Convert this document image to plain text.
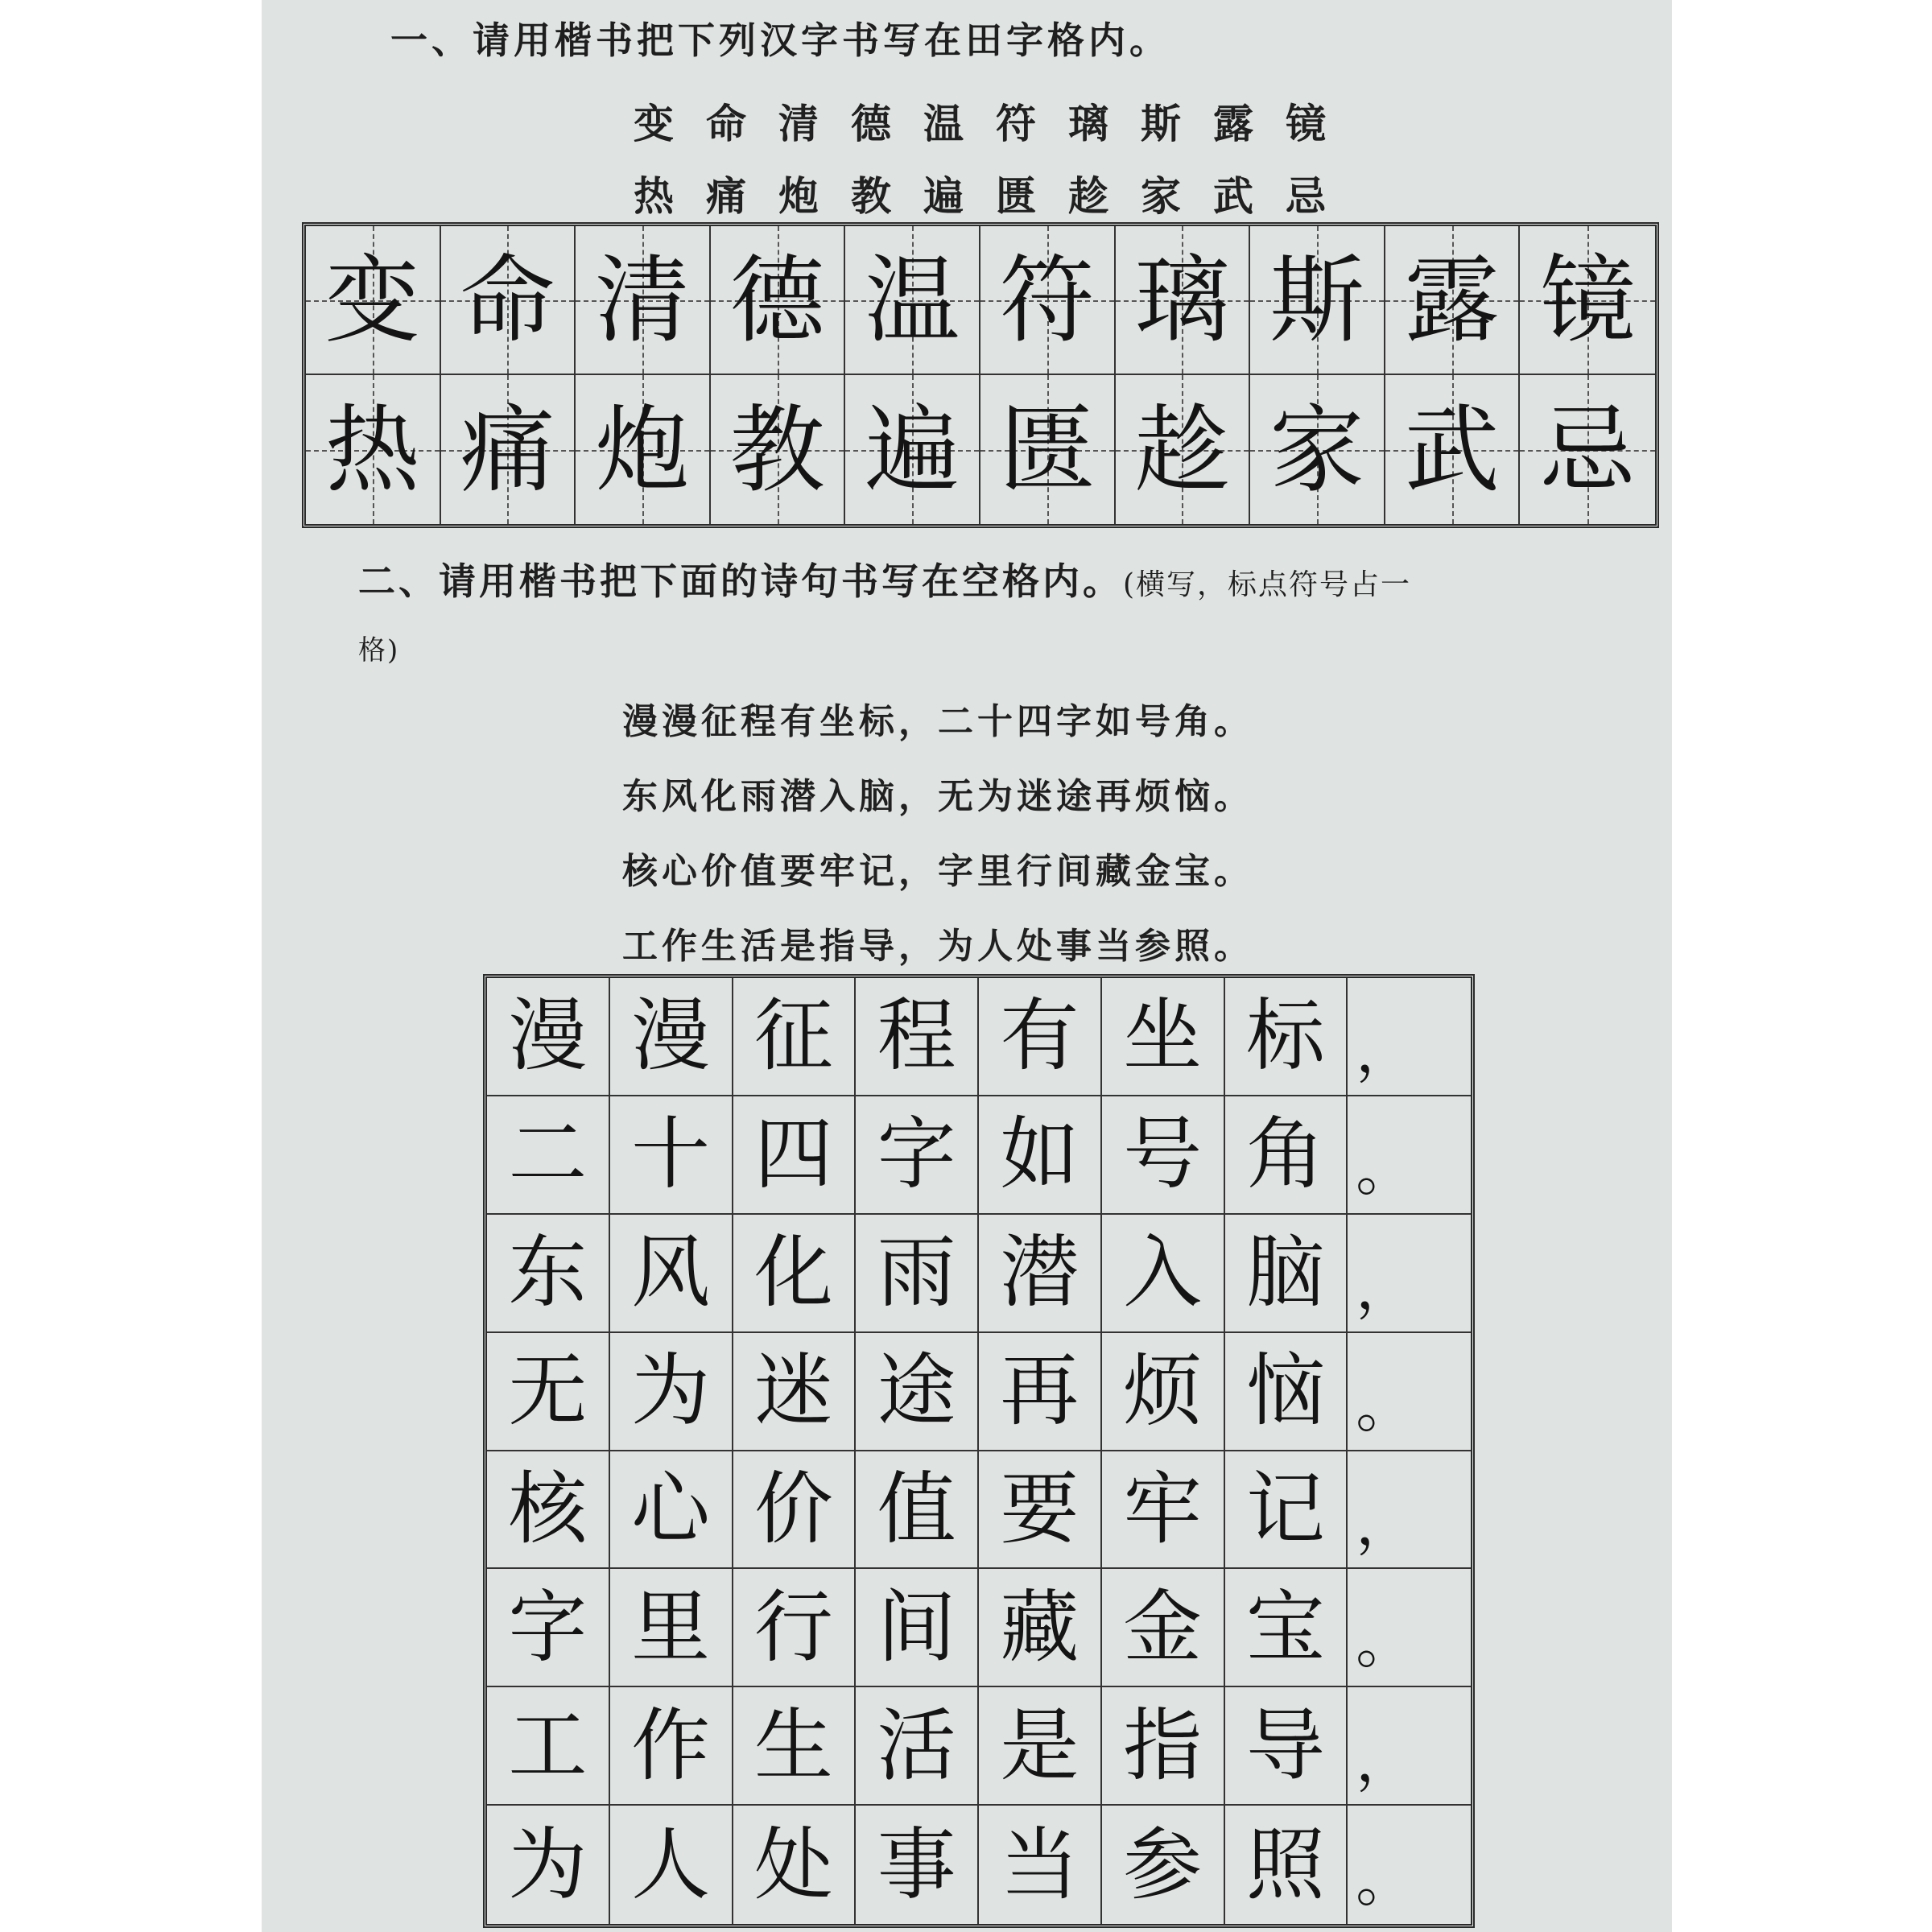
一、请用楷书把下列汉字书写在田字格内。
变命清德温符璃斯露镜
热痛炮教遍匮趁家武忌
变 命 清 德 温 符 璃 斯 露 镜
热 痛 炮 教 遍 匮 趁 家 武 忌
二、请用楷书把下面的诗句书写在空格内。(横写，标点符号占一
格)
漫漫征程有坐标，二十四字如号角。
东风化雨潜入脑，无为迷途再烦恼。
核心价值要牢记，字里行间藏金宝。
工作生活是指导，为人处事当参照。
漫 漫 征 程 有 坐 标 ，
二 十 四 字 如 号 角 。
东 风 化 雨 潜 入 脑 ，
无 为 迷 途 再 烦 恼 。
核 心 价 值 要 牢 记 ，
字 里 行 间 藏 金 宝 。
工 作 生 活 是 指 导 ，
为 人 处 事 当 参 照 。
